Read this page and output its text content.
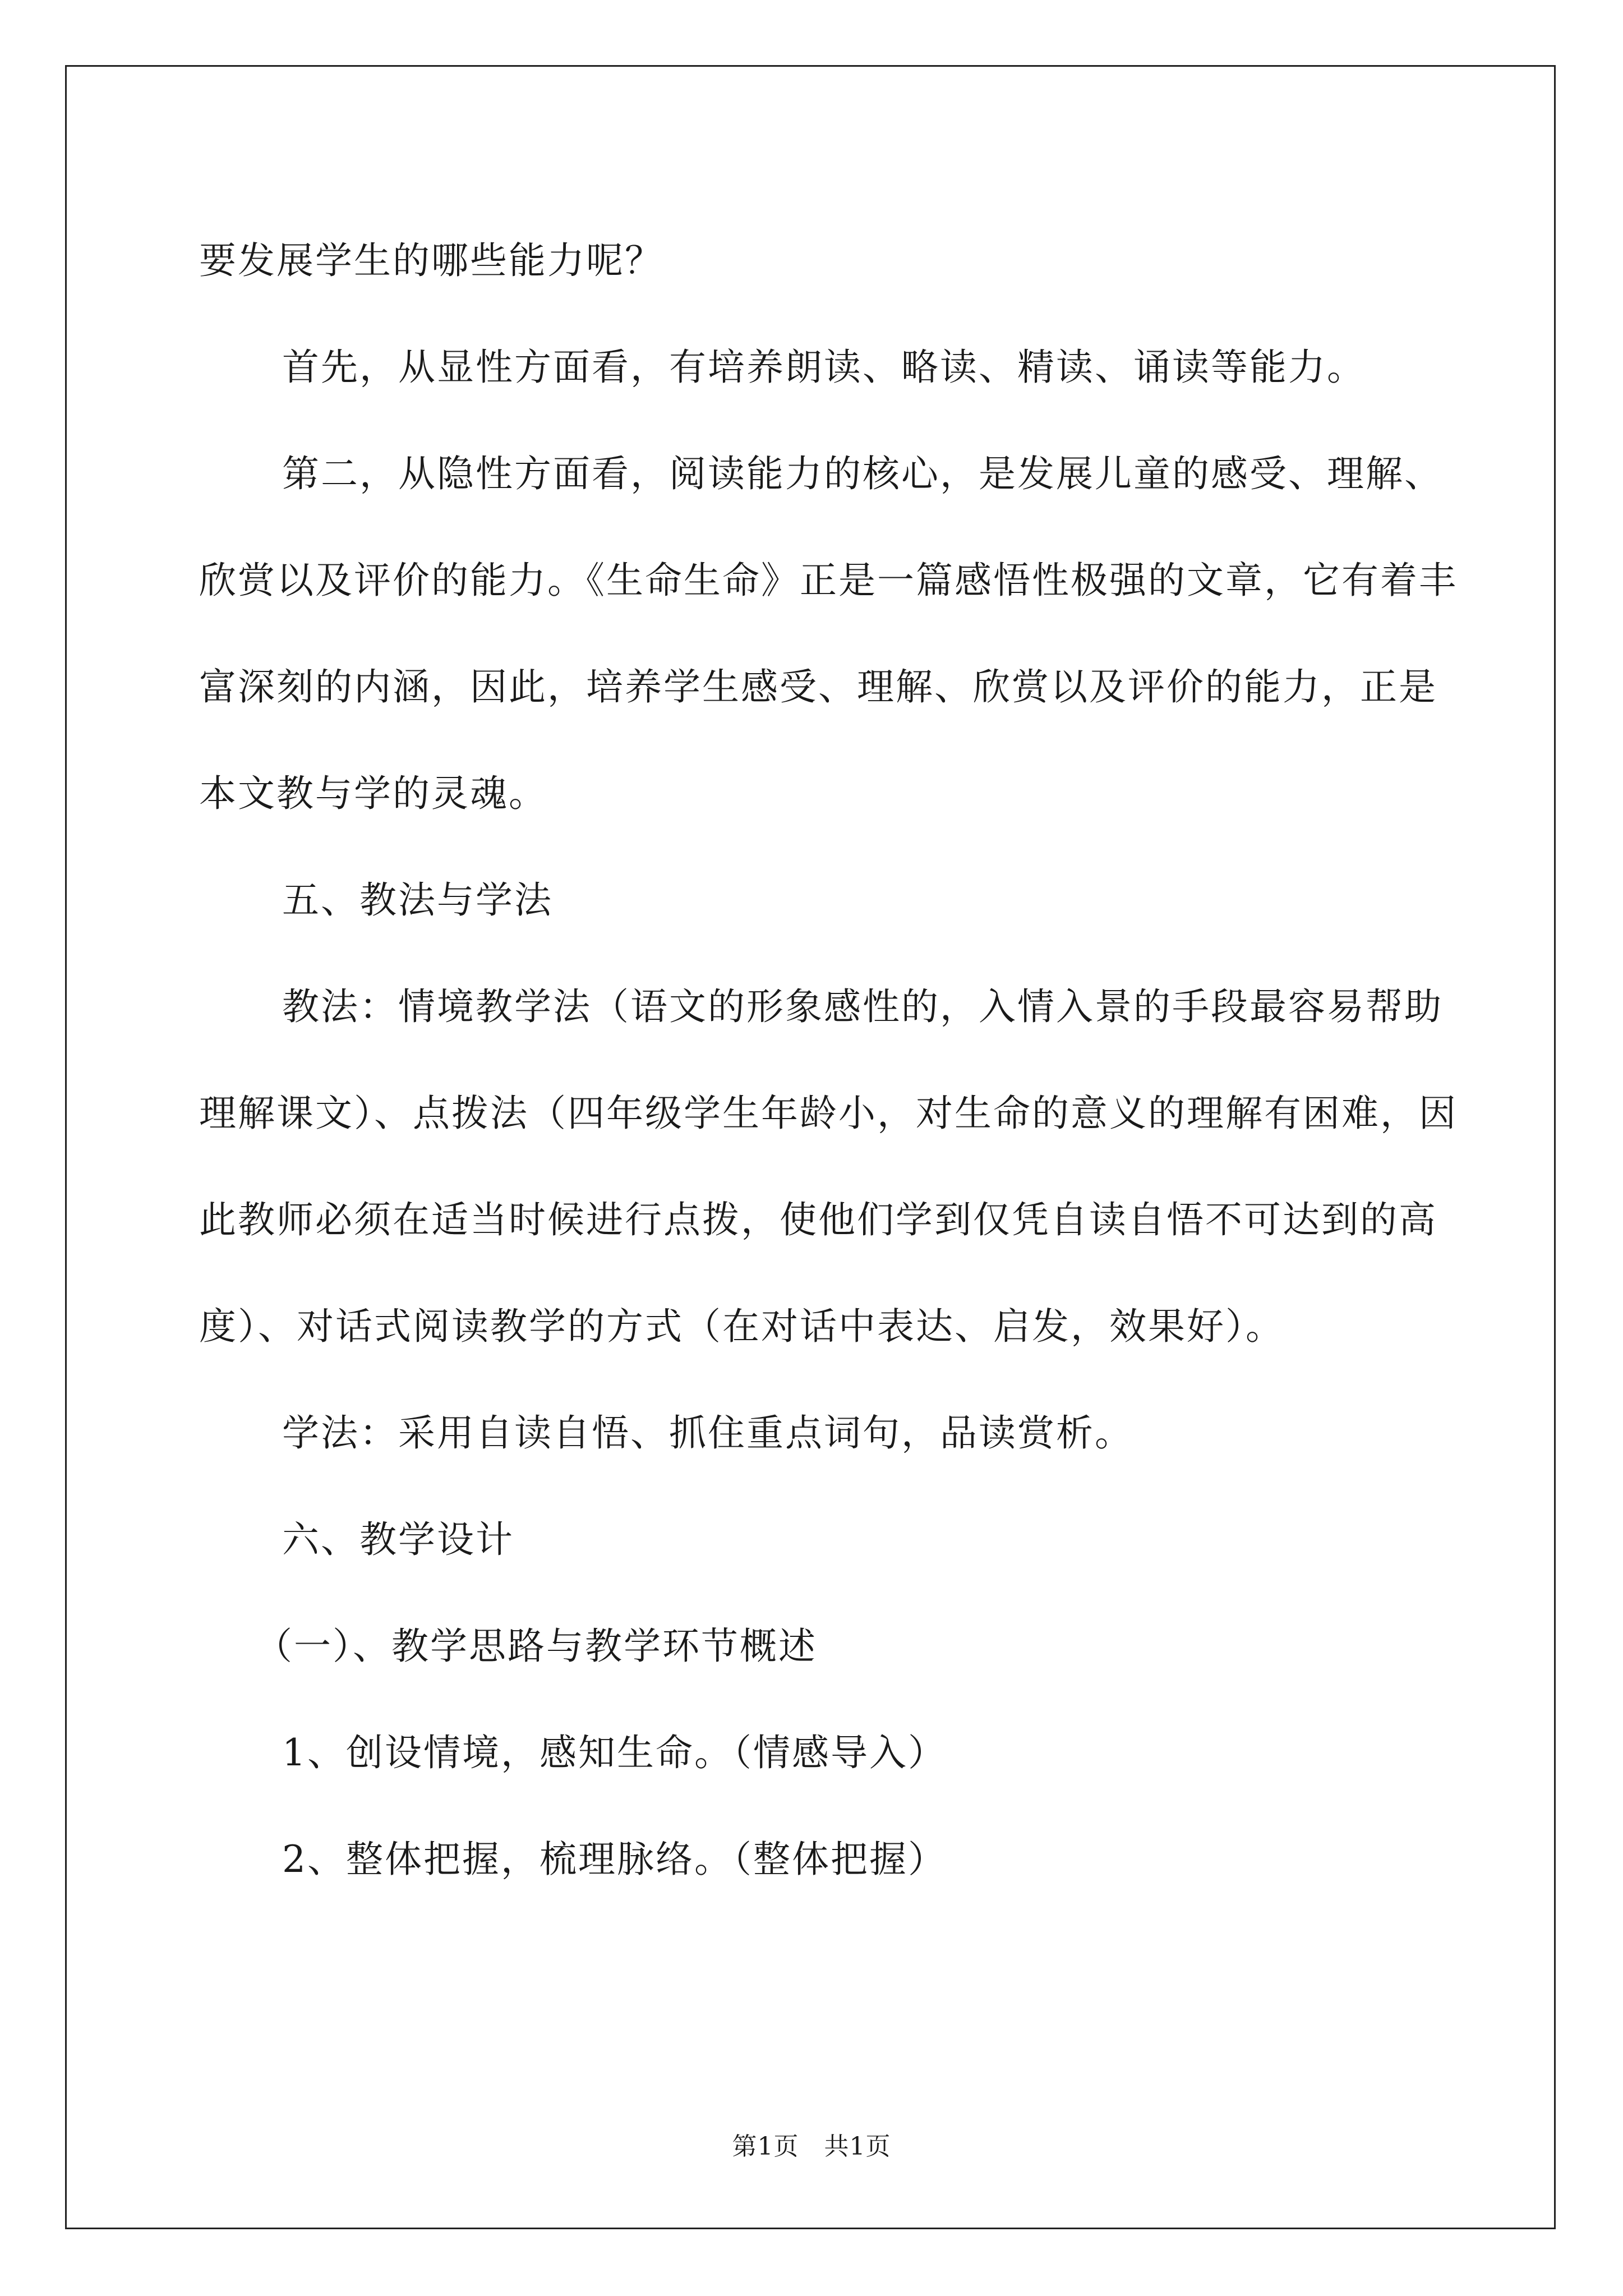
要发展学生的哪些能力呢？

首先，从显性方面看，有培养朗读、略读、精读、诵读等能力。

第二，从隐性方面看，阅读能力的核心，是发展儿童的感受、理解、欣赏以及评价的能力。《生命生命》正是一篇感悟性极强的文章，它有着丰富深刻的内涵，因此，培养学生感受、理解、欣赏以及评价的能力，正是本文教与学的灵魂。

五、教法与学法

教法：情境教学法（语文的形象感性的，入情入景的手段最容易帮助理解课文）、点拨法（四年级学生年龄小，对生命的意义的理解有困难，因此教师必须在适当时候进行点拨，使他们学到仅凭自读自悟不可达到的高度）、对话式阅读教学的方式（在对话中表达、启发，效果好）。

学法：采用自读自悟、抓住重点词句，品读赏析。

六、教学设计

（一）、教学思路与教学环节概述

1、创设情境，感知生命。（情感导入）

2、整体把握，梳理脉络。（整体把握）

第1页　共1页
